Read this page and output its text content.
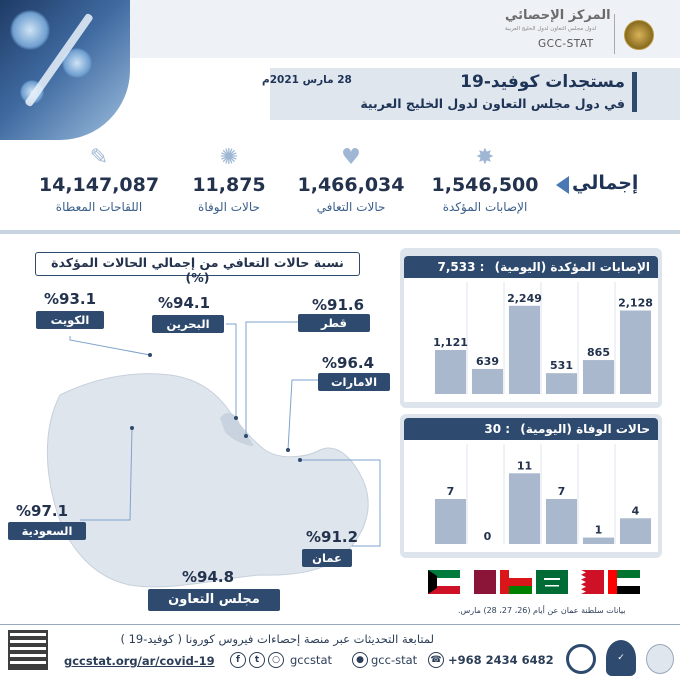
المركز الإحصائي
لدول مجلس التعاون لدول الخليج العربية
GCC-STAT
مستجدات كوفيد-19
في دول مجلس التعاون لدول الخليج العربية
28 مارس 2021م
إجمالي
✸
1,546,500
الإصابات المؤكدة
♥
1,466,034
حالات التعافي
✺
11,875
حالات الوفاة
✎
14,147,087
اللقاحات المعطاة
نسبة حالات التعافي من إجمالي الحالات المؤكدة (%)
%93.1
الكويت
%94.1
البحرين
%91.6
قطر
%96.4
الامارات
%97.1
السعودية	%91.2
عمان
%94.8
مجلس التعاون
الإصابات المؤكدة (اليومية) : 7,533
1,121
639
2,249
531
865
2,128
حالات الوفاة (اليومية) : 30
7
0
11
7
1
4
بيانات سلطنة عمان عن أيام (26، 27، 28) مارس.
لمتابعة التحديثات عبر منصة إحصاءات فيروس كورونا ( كوفيد-19 )
gccstat.org/ar/covid-19	f	t	○ gccstat	● gcc-stat ☎ +968 2434 6482	✓
